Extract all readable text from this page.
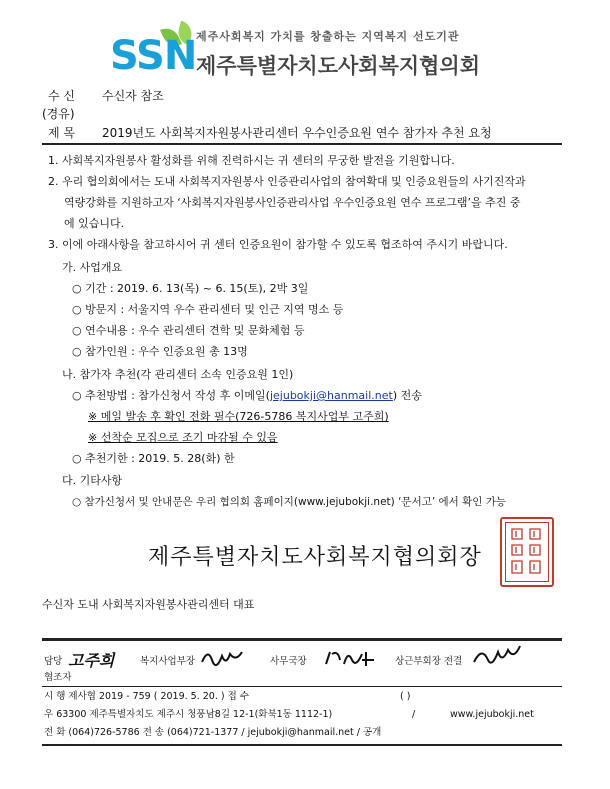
SSN 제주사회복지 가치를 창출하는 지역복지 선도기관
제주특별자치도사회복지협의회
수 신 수신자 참조
(경유)
제 목 2019년도 사회복지자원봉사관리센터 우수인증요원 연수 참가자 추천 요청
1. 사회복지자원봉사 활성화를 위해 진력하시는 귀 센터의 무궁한 발전을 기원합니다.
2. 우리 협의회에서는 도내 사회복지자원봉사 인증관리사업의 참여확대 및 인증요원들의 사기진작과
역량강화를 지원하고자 ‘사회복지자원봉사인증관리사업 우수인증요원 연수 프로그램’을 추진 중
에 있습니다.
3. 이에 아래사항을 참고하시어 귀 센터 인증요원이 참가할 수 있도록 협조하여 주시기 바랍니다.
가. 사업개요
○ 기간 : 2019. 6. 13(목) ~ 6. 15(토), 2박 3일
○ 방문지 : 서울지역 우수 관리센터 및 인근 지역 명소 등
○ 연수내용 : 우수 관리센터 견학 및 문화체험 등
○ 참가인원 : 우수 인증요원 총 13명
나. 참가자 추천(각 관리센터 소속 인증요원 1인)
○ 추천방법 : 참가신청서 작성 후 이메일(jejubokji@hanmail.net) 전송
※ 메일 발송 후 확인 전화 필수(726-5786 복지사업부 고주희)
※ 선착순 모집으로 조기 마감될 수 있음
○ 추천기한 : 2019. 5. 28(화) 한
다. 기타사항
○ 참가신청서 및 안내문은 우리 협의회 홈페이지(www.jejubokji.net) ‘문서고’ 에서 확인 가능
제주특별자치도사회복지협의회장
수신자 도내 사회복지자원봉사관리센터 대표
담당 고주희	복지사업부장	사무국장	상근부회장 전결
협조자
시 행 제사협 2019 - 759 ( 2019. 5. 20. ) 접 수	( )
우 63300 제주특별자치도 제주시 청풍남8길 12-1(화북1동 1112-1)	/	www.jejubokji.net
전 화 (064)726-5786 전 송 (064)721-1377 / jejubokji@hanmail.net / 공개
